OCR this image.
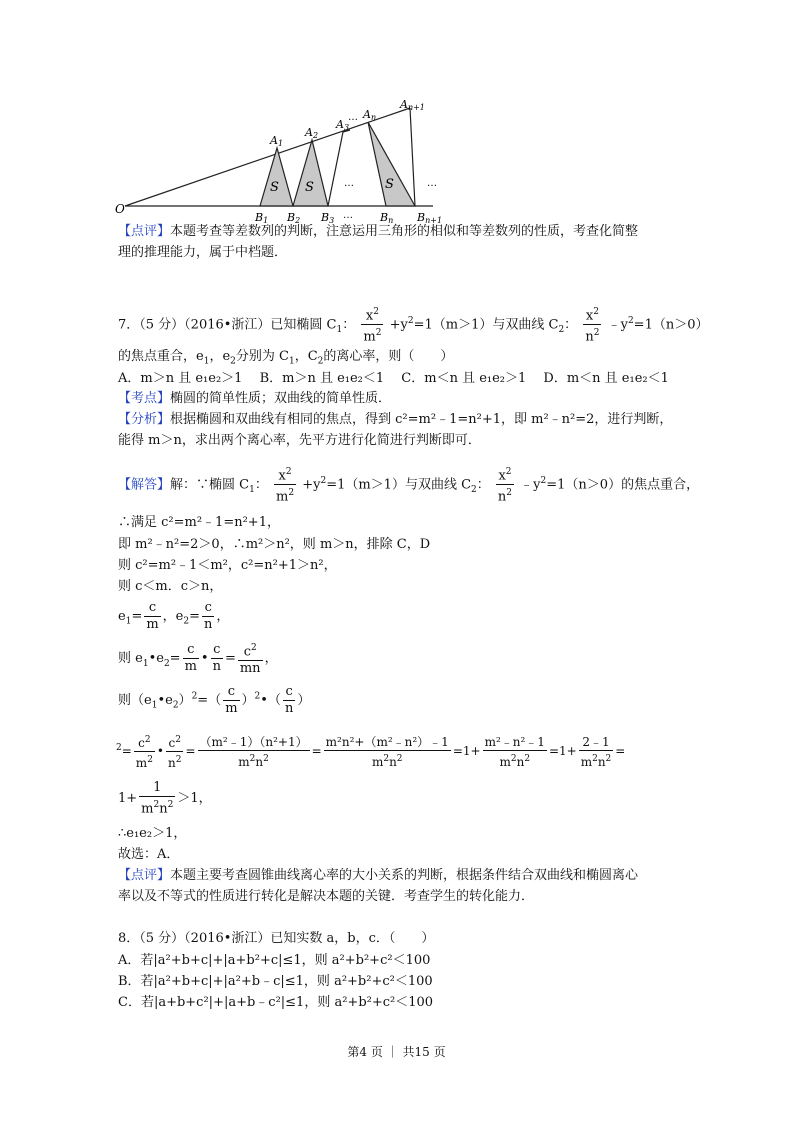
O
A1
A2
A3
… An
An+1
S S	… S	…
B1 B2 B3 … Bn Bn+1
【点评】本题考查等差数列的判断，注意运用三角形的相似和等差数列的性质，考查化简整
理的推理能力，属于中档题．
7．（5 分）（2016•浙江）已知椭圆 $C_1$： $\frac{x^2}{m^2} +y^2=1(m>1)$与双曲线 $C_2$： $\frac{x^2}{n^2}$ $﹣y^2=1(n>0)$
的焦点重合，$e_1$，$e_2$分别为 $C_1$，$C_2$的离心率，则（　　）
A．m＞n 且 e₁e₂＞1　 B．m＞n 且 e₁e₂＜1　 C．m＜n 且 e₁e₂＞1　 D．m＜n 且 e₁e₂＜1
【考点】椭圆的简单性质；双曲线的简单性质．
【分析】根据椭圆和双曲线有相同的焦点，得到 c²=m²﹣1=n²+1，即 m²﹣n²=2，进行判断，
能得 m＞n，求出两个离心率，先平方进行化简进行判断即可．
【解答】解：∵椭圆 $C_1$： $\frac{x^2}{m^2} +y^2=1(m>1)$与双曲线 $C_2$： $\frac{x^2}{n^2}$ $﹣y^2=1(n>0)$的焦点重合，
∴满足 c²=m²﹣1=n²+1，
即 m²﹣n²=2＞0，∴m²＞n²，则 m＞n，排除 C，D
则 c²=m²﹣1＜m²，c²=n²+1＞n²，
则 c＜m．c＞n，
$e_1= \frac{c}{m}$ ，$e_2= \frac{c}{n}$ ，
则 $e_1•e_2= \frac{c}{m}$ • $\frac{c}{n} = \frac{c^2}{mn}$ ，
则$(e_1•e_2)^2=( \frac{c}{m}$ ）$^2$•（ $\frac{c}{n}$ ）
$^2= \frac{c^2}{m^2}$ • $\frac{c^2}{n^2} = \frac{\text{（m²﹣1）（n²+1）}}{m^2n^2} = \frac{\text{m²n²+（m²﹣n²）﹣1}}{m^2n^2} =1+ \frac{\text{m²﹣n²﹣1}}{m^2n^2} =1+ \frac{2﹣1}{m^2n^2}$ =
$1+ \frac{1}{m^2n^2} >1$，
∴e₁e₂＞1，
故选：A．
【点评】本题主要考查圆锥曲线离心率的大小关系的判断，根据条件结合双曲线和椭圆离心
率以及不等式的性质进行转化是解决本题的关键．考查学生的转化能力．
8．（5 分）（2016•浙江）已知实数 a，b，c．（　　）
A．若|a²+b+c|+|a+b²+c|≤1，则 a²+b²+c²＜100
B．若|a²+b+c|+|a²+b﹣c|≤1，则 a²+b²+c²＜100
C．若|a+b+c²|+|a+b﹣c²|≤1，则 a²+b²+c²＜100
第4 页 ｜ 共15 页
